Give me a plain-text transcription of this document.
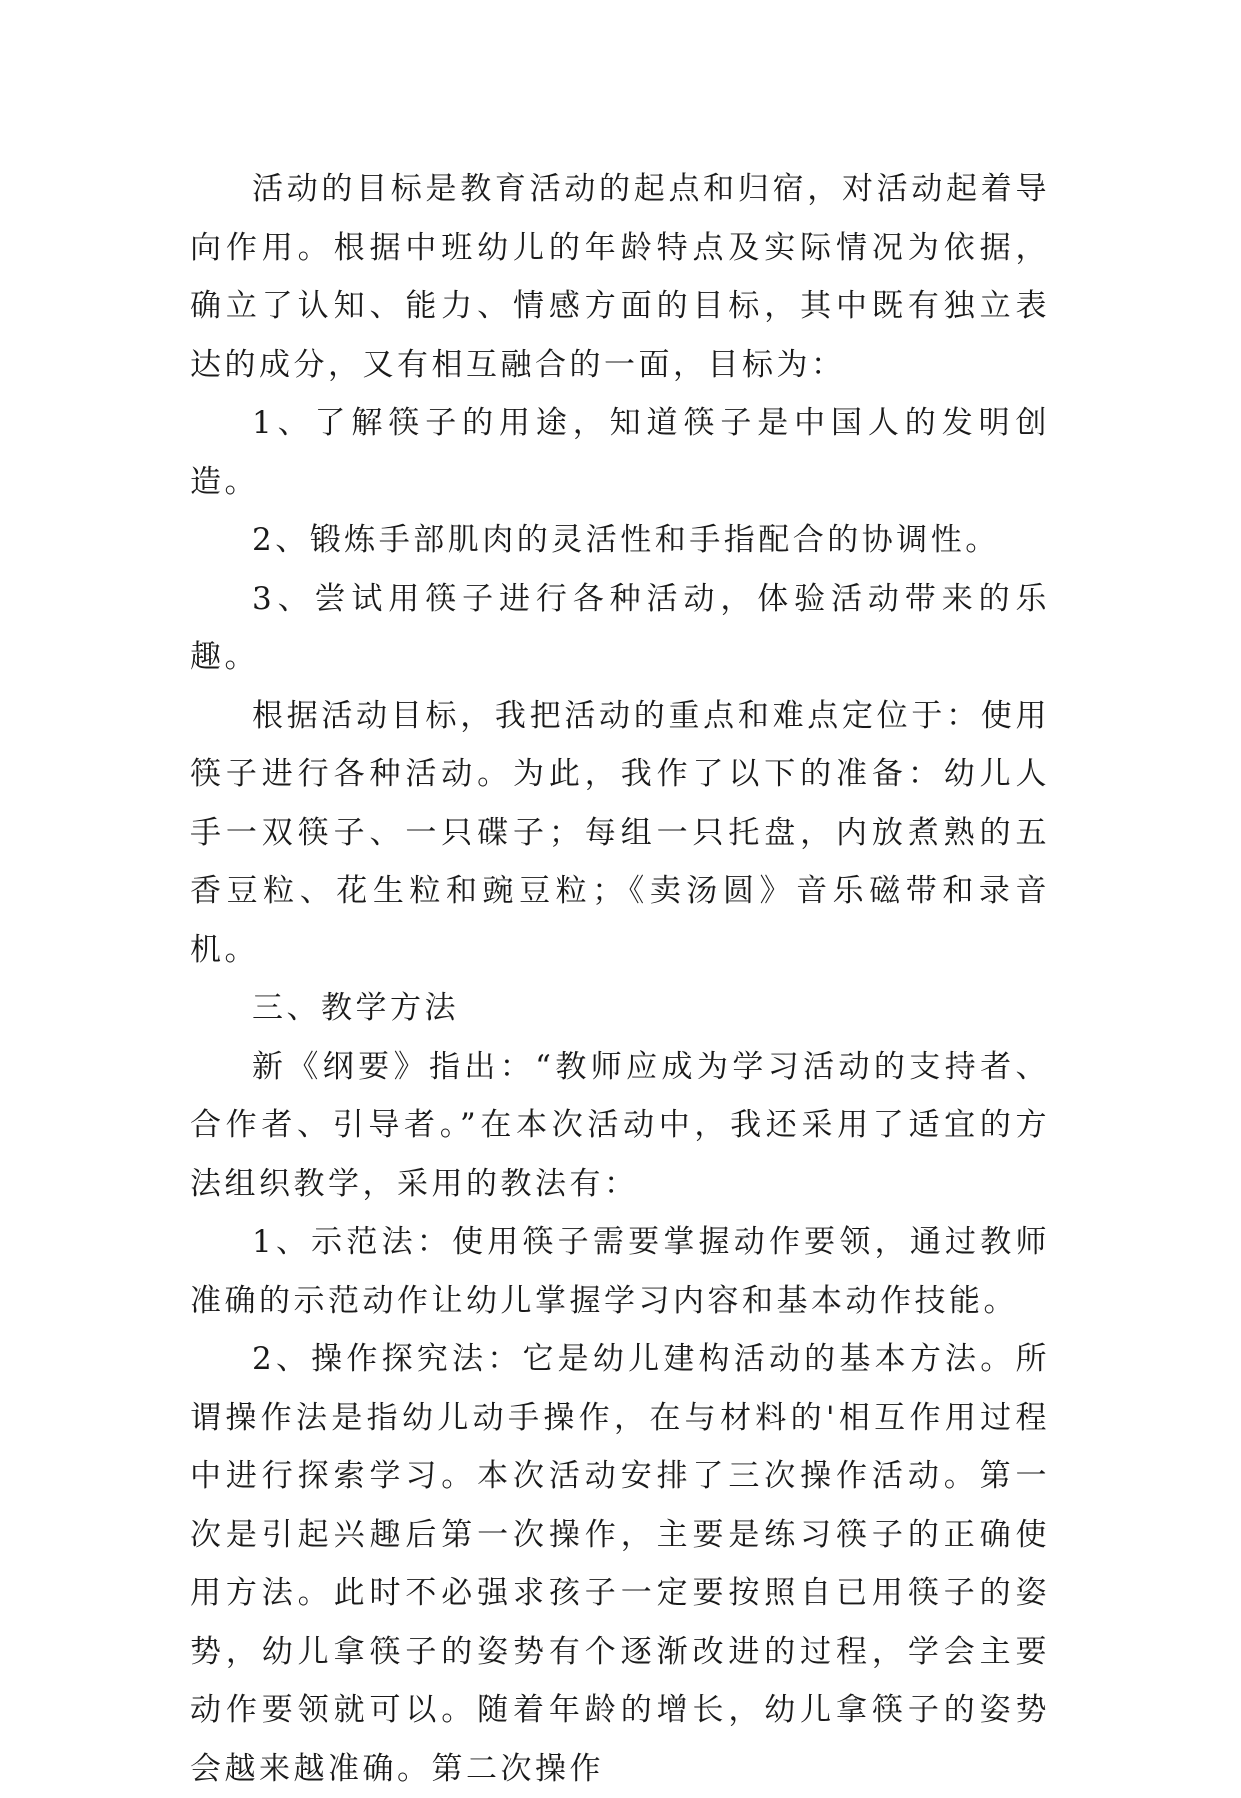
活动的目标是教育活动的起点和归宿，对活动起着导向作用。根据中班幼儿的年龄特点及实际情况为依据，确立了认知、能力、情感方面的目标，其中既有独立表达的成分，又有相互融合的一面，目标为：

1、了解筷子的用途，知道筷子是中国人的发明创造。

2、锻炼手部肌肉的灵活性和手指配合的协调性。

3、尝试用筷子进行各种活动，体验活动带来的乐趣。

根据活动目标，我把活动的重点和难点定位于：使用筷子进行各种活动。为此，我作了以下的准备：幼儿人手一双筷子、一只碟子；每组一只托盘，内放煮熟的五香豆粒、花生粒和豌豆粒；《卖汤圆》音乐磁带和录音机。

三、教学方法

新《纲要》指出：“教师应成为学习活动的支持者、合作者、引导者。”在本次活动中，我还采用了适宜的方法组织教学，采用的教法有：

1、示范法：使用筷子需要掌握动作要领，通过教师准确的示范动作让幼儿掌握学习内容和基本动作技能。

2、操作探究法：它是幼儿建构活动的基本方法。所谓操作法是指幼儿动手操作，在与材料的'相互作用过程中进行探索学习。本次活动安排了三次操作活动。第一次是引起兴趣后第一次操作，主要是练习筷子的正确使用方法。此时不必强求孩子一定要按照自已用筷子的姿势，幼儿拿筷子的姿势有个逐渐改进的过程，学会主要动作要领就可以。随着年龄的增长，幼儿拿筷子的姿势会越来越准确。第二次操作
